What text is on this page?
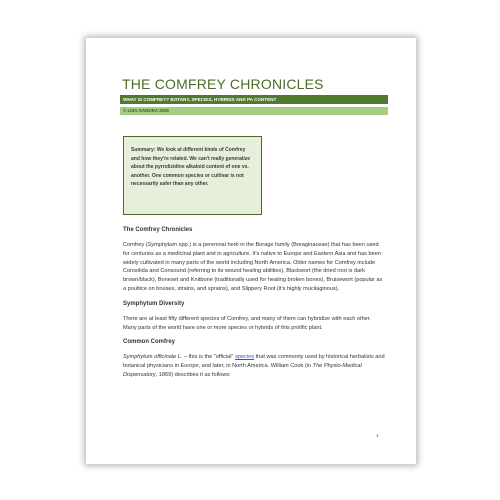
THE COMFREY CHRONICLES
WHAT IS COMFREY? BOTANY, SPECIES, HYBRIDS AND PA CONTENT
© LISA GANORA 2025
Summary: We look at different kinds of Comfrey and how they're related. We can't really generalize about the pyrrolizidine alkaloid content of one vs. another. One common species or cultivar is not necessarily safer than any other.
The Comfrey Chronicles

Comfrey (Symphytum spp.) is a perennial herb in the Borage family (Boraginaceae) that has been used for centuries as a medicinal plant and in agriculture. It's native to Europe and Eastern Asia and has been widely cultivated in many parts of the world including North America. Older names for Comfrey include Consolida and Consound (referring to its wound healing abilities), Blackwort (the dried root is dark brown/black), Boneset and Knitbone (traditionally used for healing broken bones), Bruisewort (popular as a poultice on bruises, strains, and sprains), and Slippery Root (it's highly mucilaginous).

Symphytum Diversity

There are at least fifty different species of Comfrey, and many of them can hybridize with each other. Many parts of the world have one or more species or hybrids of this prolific plant.

Common Comfrey

Symphytum officinale L. – this is the "official" species that was commonly used by historical herbalists and botanical physicians in Europe, and later, in North America. William Cook (in The Physio-Medical Dispensatory, 1869) describes it as follows:

1
